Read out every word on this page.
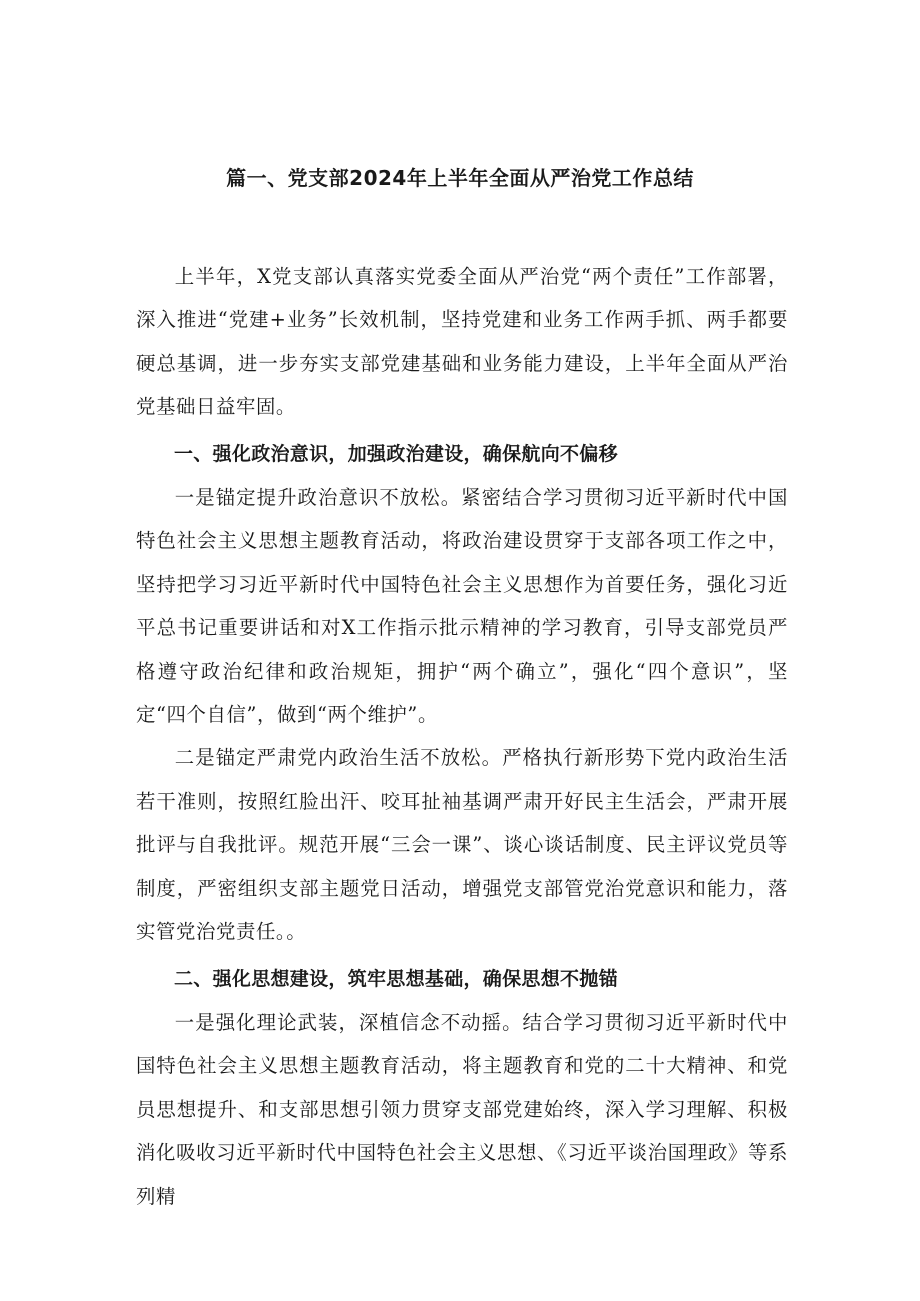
篇一、党支部2024年上半年全面从严治党工作总结

上半年，X党支部认真落实党委全面从严治党“两个责任”工作部署，深入推进“党建+业务”长效机制，坚持党建和业务工作两手抓、两手都要硬总基调，进一步夯实支部党建基础和业务能力建设，上半年全面从严治党基础日益牢固。

一、强化政治意识，加强政治建设，确保航向不偏移

一是锚定提升政治意识不放松。紧密结合学习贯彻习近平新时代中国特色社会主义思想主题教育活动，将政治建设贯穿于支部各项工作之中，坚持把学习习近平新时代中国特色社会主义思想作为首要任务，强化习近平总书记重要讲话和对X工作指示批示精神的学习教育，引导支部党员严格遵守政治纪律和政治规矩，拥护“两个确立”，强化“四个意识”，坚定“四个自信”，做到“两个维护”。

二是锚定严肃党内政治生活不放松。严格执行新形势下党内政治生活若干准则，按照红脸出汗、咬耳扯袖基调严肃开好民主生活会，严肃开展批评与自我批评。规范开展“三会一课”、谈心谈话制度、民主评议党员等制度，严密组织支部主题党日活动，增强党支部管党治党意识和能力，落实管党治党责任。。

二、强化思想建设，筑牢思想基础，确保思想不抛锚

一是强化理论武装，深植信念不动摇。结合学习贯彻习近平新时代中国特色社会主义思想主题教育活动，将主题教育和党的二十大精神、和党员思想提升、和支部思想引领力贯穿支部党建始终，深入学习理解、积极消化吸收习近平新时代中国特色社会主义思想、《习近平谈治国理政》等系列精
